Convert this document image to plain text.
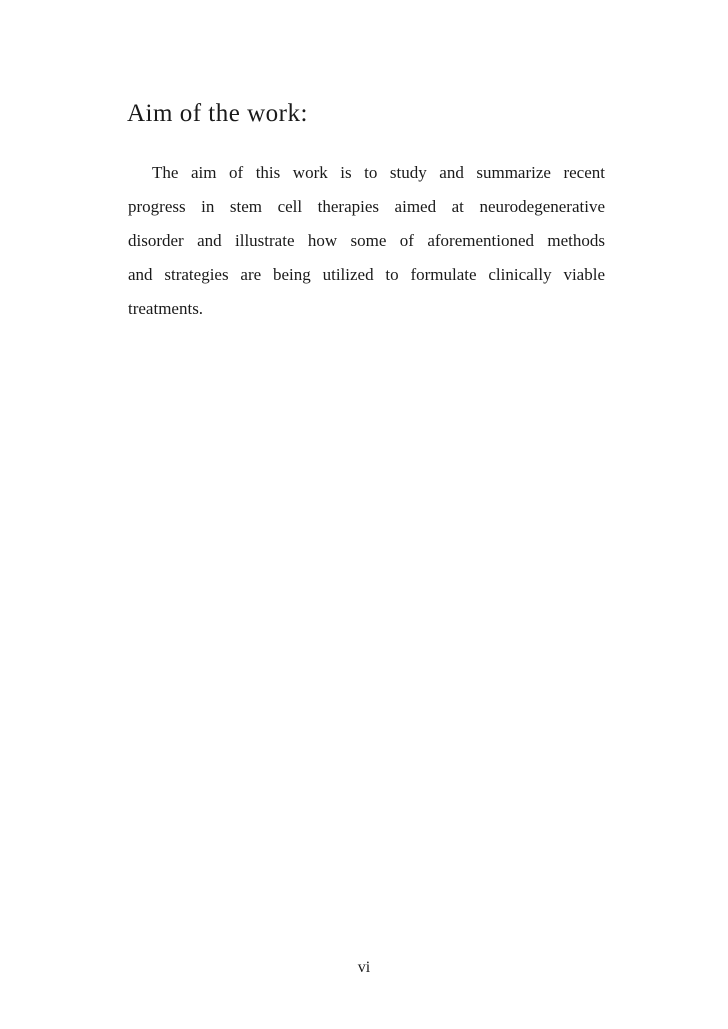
Aim of the work:
The aim of this work is to study and summarize recent
progress in stem cell therapies aimed at neurodegenerative
disorder and illustrate how some of aforementioned methods
and strategies are being utilized to formulate clinically viable
treatments.
vi
